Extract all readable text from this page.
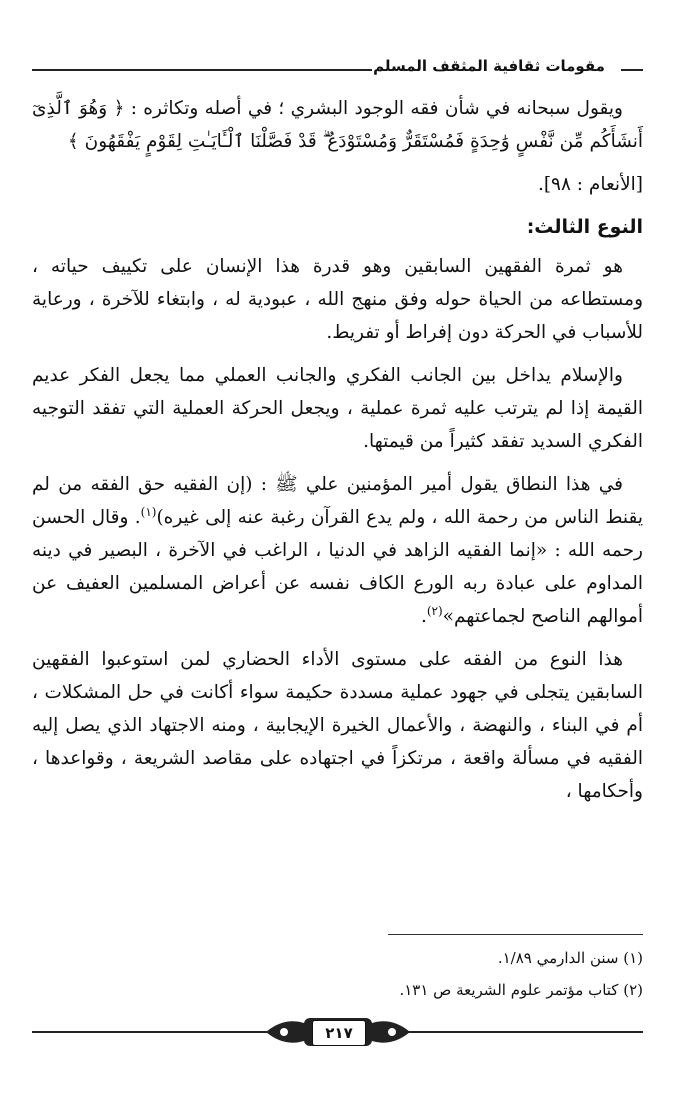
مقومات ثقافية المثقف المسلم

ويقول سبحانه في شأن فقه الوجود البشري ؛ في أصله وتكاثره : ﴿ وَهُوَ ٱلَّذِىٓ أَنشَأَكُم مِّن نَّفْسٍ وَٰحِدَةٍ فَمُسْتَقَرٌّ وَمُسْتَوْدَعٌ ۗ قَدْ فَصَّلْنَا ٱلْـَٔايَـٰتِ لِقَوْمٍ يَفْقَهُونَ ﴾

[الأنعام : ٩٨].

النوع الثالث:

هو ثمرة الفقهين السابقين وهو قدرة هذا الإنسان على تكييف حياته ، ومستطاعه من الحياة حوله وفق منهج الله ، عبودية له ، وابتغاء للآخرة ، ورعاية للأسباب في الحركة دون إفراط أو تفريط.

والإسلام يداخل بين الجانب الفكري والجانب العملي مما يجعل الفكر عديم القيمة إذا لم يترتب عليه ثمرة عملية ، ويجعل الحركة العملية التي تفقد التوجيه الفكري السديد تفقد كثيراً من قيمتها.

في هذا النطاق يقول أمير المؤمنين علي ﷺ : (إن الفقيه حق الفقه من لم يقنط الناس من رحمة الله ، ولم يدع القرآن رغبة عنه إلى غيره)$^{(١)}$. وقال الحسن رحمه الله : «إنما الفقيه الزاهد في الدنيا ، الراغب في الآخرة ، البصير في دينه المداوم على عبادة ربه الورع الكاف نفسه عن أعراض المسلمين العفيف عن أموالهم الناصح لجماعتهم»$^{(٢)}$.

هذا النوع من الفقه على مستوى الأداء الحضاري لمن استوعبوا الفقهين السابقين يتجلى في جهود عملية مسددة حكيمة سواء أكانت في حل المشكلات ، أم في البناء ، والنهضة ، والأعمال الخيرة الإيجابية ، ومنه الاجتهاد الذي يصل إليه الفقيه في مسألة واقعة ، مرتكزاً في اجتهاده على مقاصد الشريعة ، وقواعدها ، وأحكامها ،

(١) سنن الدارمي ١/٨٩.
(٢) كتاب مؤتمر علوم الشريعة ص ١٣١.
٢١٧
